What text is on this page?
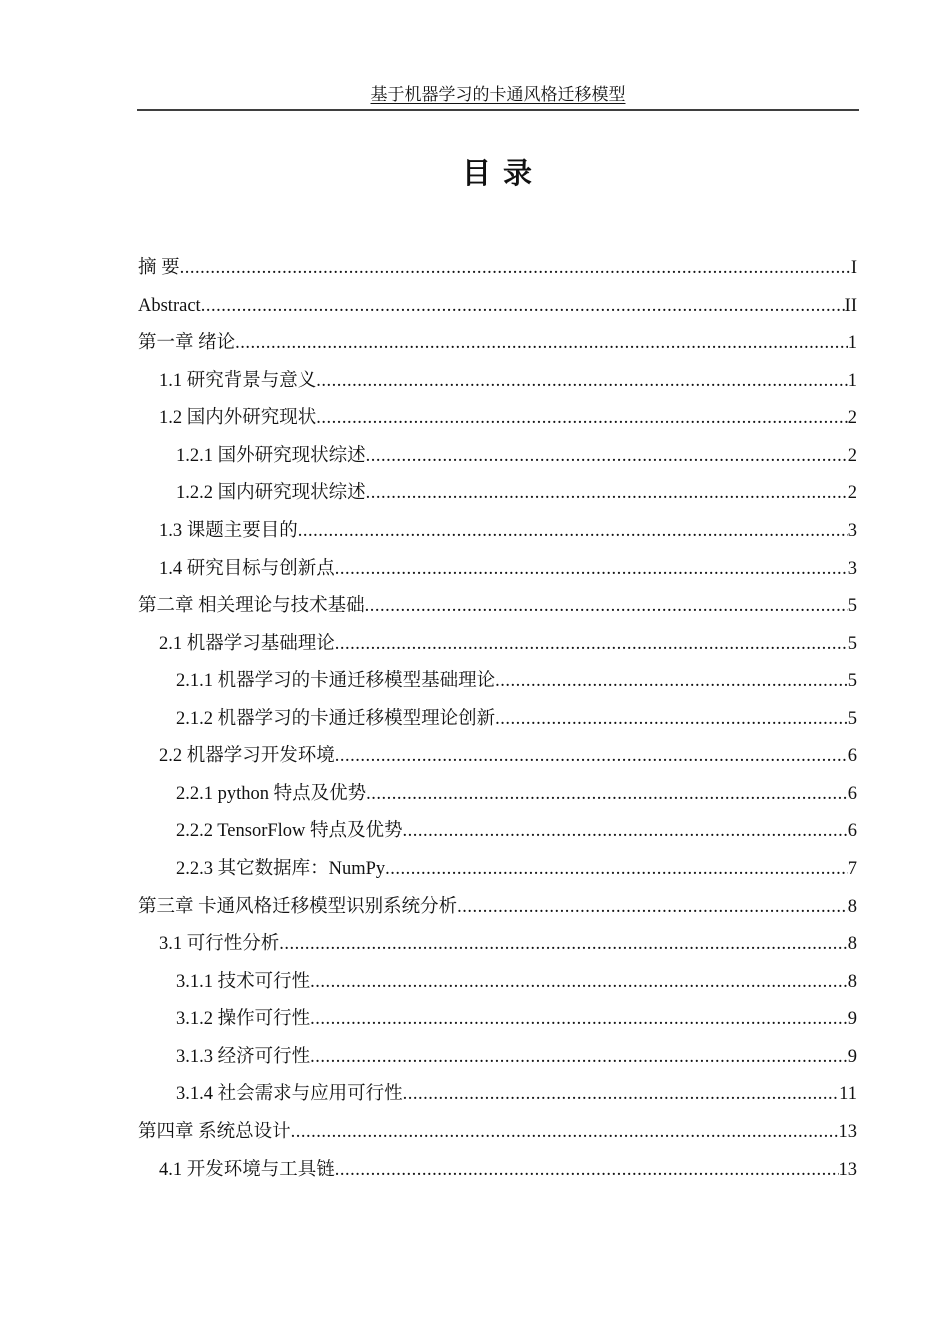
基于机器学习的卡通风格迁移模型
目 录
摘 要 .....	I
Abstract .....	II
第一章 绪论 .....	1
1.1 研究背景与意义 .....	1
1.2 国内外研究现状 .....	2
1.2.1 国外研究现状综述 .....	2
1.2.2 国内研究现状综述 .....	2
1.3 课题主要目的 .....	3
1.4 研究目标与创新点 .....	3
第二章 相关理论与技术基础 .....	5
2.1 机器学习基础理论 .....	5
2.1.1 机器学习的卡通迁移模型基础理论 .....	5
2.1.2 机器学习的卡通迁移模型理论创新 .....	5
2.2 机器学习开发环境 .....	6
2.2.1 python 特点及优势 .....	6
2.2.2 TensorFlow 特点及优势 .....	6
2.2.3 其它数据库：NumPy .....	7
第三章 卡通风格迁移模型识别系统分析 .....	8
3.1 可行性分析 .....	8
3.1.1 技术可行性 .....	8
3.1.2 操作可行性 .....	9
3.1.3 经济可行性 .....	9
3.1.4 社会需求与应用可行性 .....	11
第四章 系统总设计 .....	13
4.1 开发环境与工具链 .....	13
